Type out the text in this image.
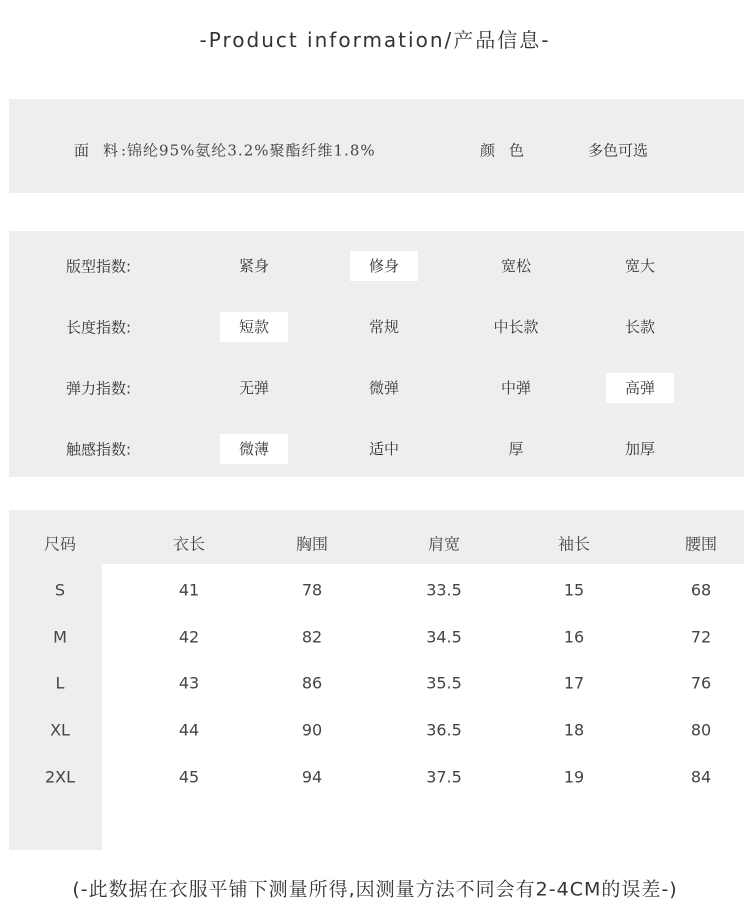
-Product information/产品信息-
面料
:锦纶95%氨纶3.2%聚酯纤维1.8%	颜色	多色可选
版型指数:	紧身	修身	宽松	宽大
长度指数:	短款	常规	中长款	长款
弹力指数:	无弹	微弹	中弹	高弹
触感指数:	微薄	适中	厚	加厚
尺码	衣长	胸围	肩宽	袖长	腰围
S	41	78	33.5	15	68
M	42	82	34.5	16	72
L	43	86	35.5	17	76
XL	44	90	36.5	18	80
2XL	45	94	37.5	19	84
(-此数据在衣服平铺下测量所得,因测量方法不同会有2-4CM的误差-)
